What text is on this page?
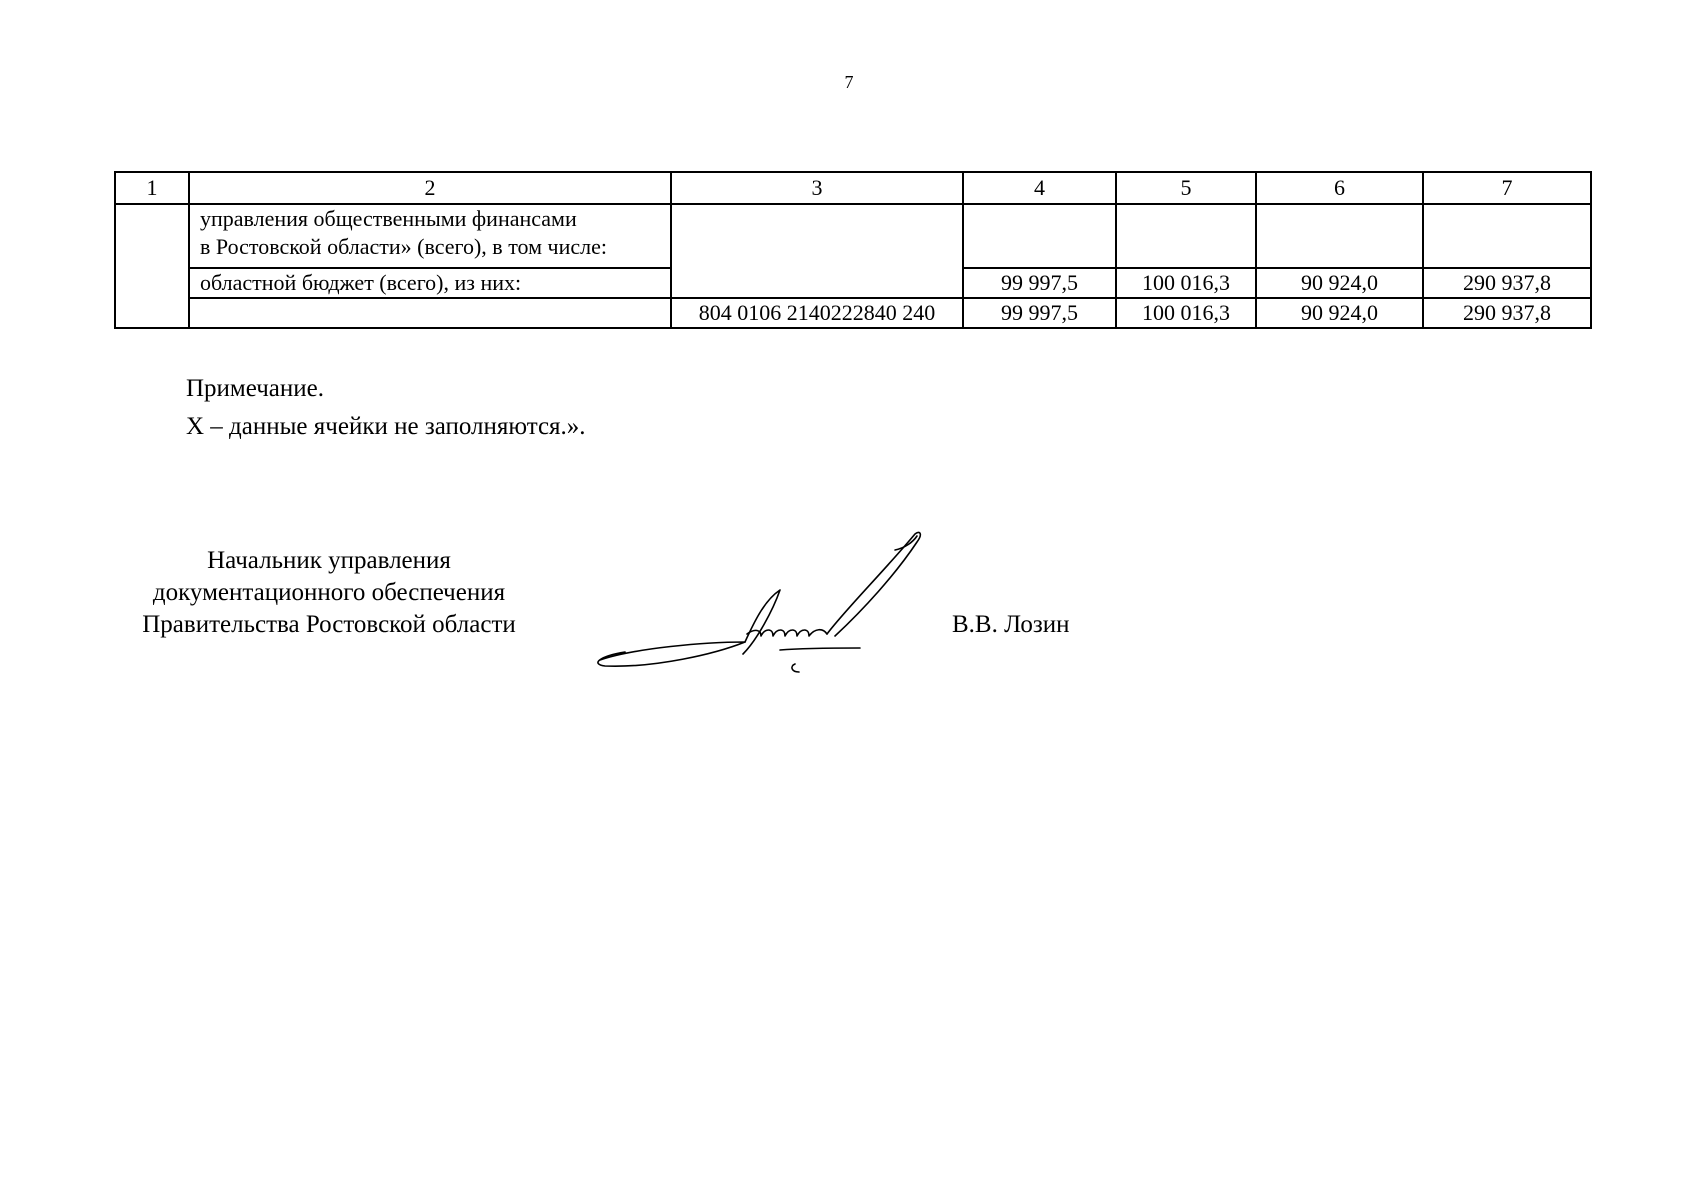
7
1	2	3	4	5	6	7

	управления общественными финансами
в Ростовской области» (всего), в том числе:					

	областной бюджет (всего), из них:		99 997,5	100 016,3	90 924,0	290 937,8
		804 0106 2140222840 240	99 997,5	100 016,3	90 924,0	290 937,8
Примечание.
X – данные ячейки не заполняются.».
Начальник управления
документационного обеспечения
Правительства Ростовской области	В.В. Лозин
